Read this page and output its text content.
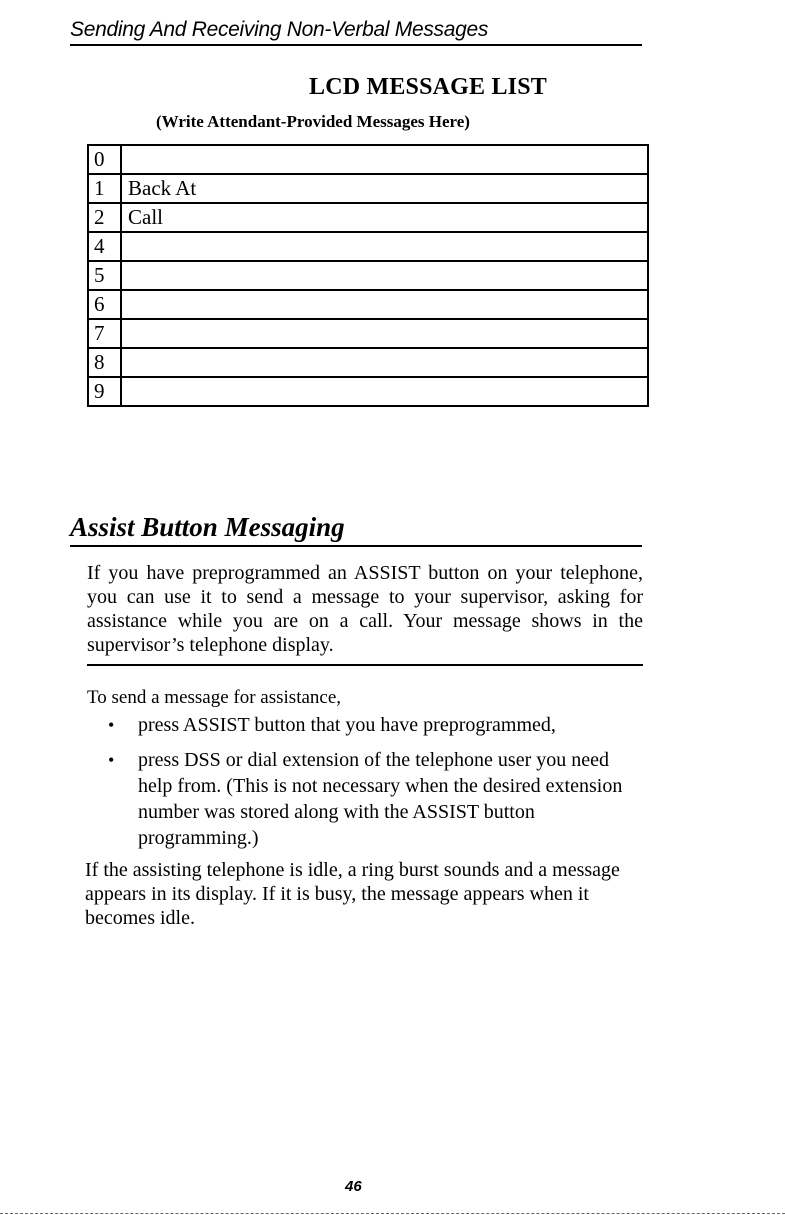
Sending And Receiving Non-Verbal Messages
LCD MESSAGE LIST
(Write Attendant-Provided Messages Here)
0	
1	Back At
2	Call
4	
5	
6	
7	
8	
9	
Assist Button Messaging

If you have preprogrammed an ASSIST button on your telephone, you can use it to send a message to your supervisor, asking for assistance while you are on a call. Your message shows in the supervisor’s telephone display.

To send a message for assistance,
• press ASSIST button that you have preprogrammed,
• press DSS or dial extension of the telephone user you need help from. (This is not necessary when the desired extension number was stored along with the ASSIST button programming.)

If the assisting telephone is idle, a ring burst sounds and a message appears in its display. If it is busy, the message appears when it becomes idle.

46
